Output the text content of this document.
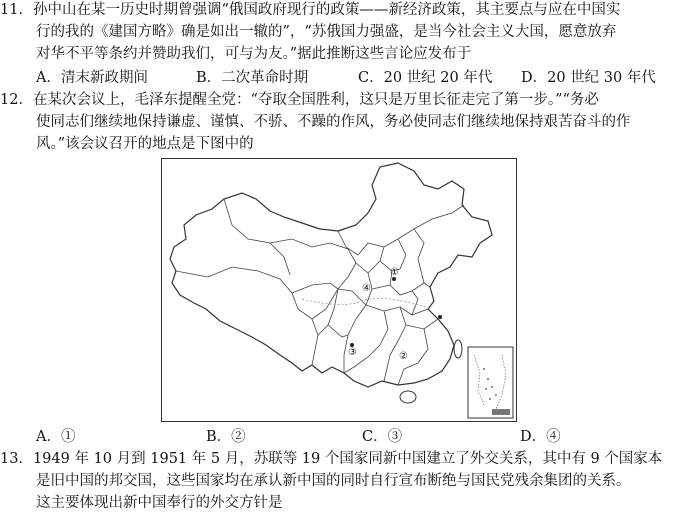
11．孙中山在某一历史时期曾强调“俄国政府现行的政策——新经济政策，其主要点与应在中国实
行的我的《建国方略》确是如出一辙的”，“苏俄国力强盛，是当今社会主义大国，愿意放弃
对华不平等条约并赞助我们，可与为友。”据此推断这些言论应发布于
A．清末新政期间	B．二次革命时期	C．20 世纪 20 年代 D．20 世纪 30 年代
12．在某次会议上，毛泽东提醒全党：“夺取全国胜利，这只是万里长征走完了第一步。”“务必
使同志们继续地保持谦虚、谨慎、不骄、不躁的作风，务必使同志们继续地保持艰苦奋斗的作
风。”该会议召开的地点是下图中的
①
②
③
④
A．①	B．②	C．③	D．④
13．1949 年 10 月到 1951 年 5 月，苏联等 19 个国家同新中国建立了外交关系，其中有 9 个国家本
是旧中国的邦交国，这些国家均在承认新中国的同时自行宣布断绝与国民党残余集团的关系。
这主要体现出新中国奉行的外交方针是
